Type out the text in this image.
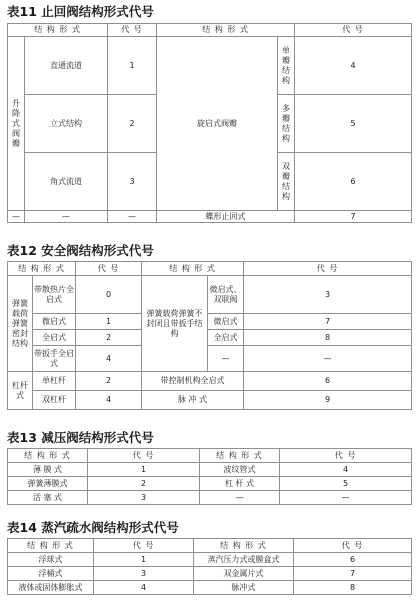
表11 止回阀结构形式代号
结 构 形 式		代 号	结 构 形 式		代 号
升降式阀瓣	直通流道	1	旋启式阀瓣	单瓣结构	4
	立式结构	2		多瓣结构	5
	角式流道	3		双瓣结构	6
—	—	—	蝶形止回式		7
表12 安全阀结构形式代号
结 构 形 式		代 号	结 构 形 式		代 号
弹簧载荷弹簧密封结构	带散热片全启式	0	弹簧载荷弹簧不封闭且带扳手结构	微启式、双联阀	3
	微启式	1		微启式	7
	全启式	2		全启式	8
	带扳手全启式	4		—	—
杠杆式	单杠杆	2	带控制机构全启式		6
	双杠杆	4	脉 冲 式		9
表13 减压阀结构形式代号
结 构 形 式	代 号	结 构 形 式	代 号
薄 膜 式	1	波纹管式	4
弹簧薄膜式	2	杠 杆 式	5
活 塞 式	3	—	—
表14 蒸汽疏水阀结构形式代号
结 构 形 式	代 号	结 构 形 式	代 号
浮球式	1	蒸汽压力式或膜盒式	6
浮桶式	3	双金属片式	7
液体或固体膨胀式	4	脉冲式	8
